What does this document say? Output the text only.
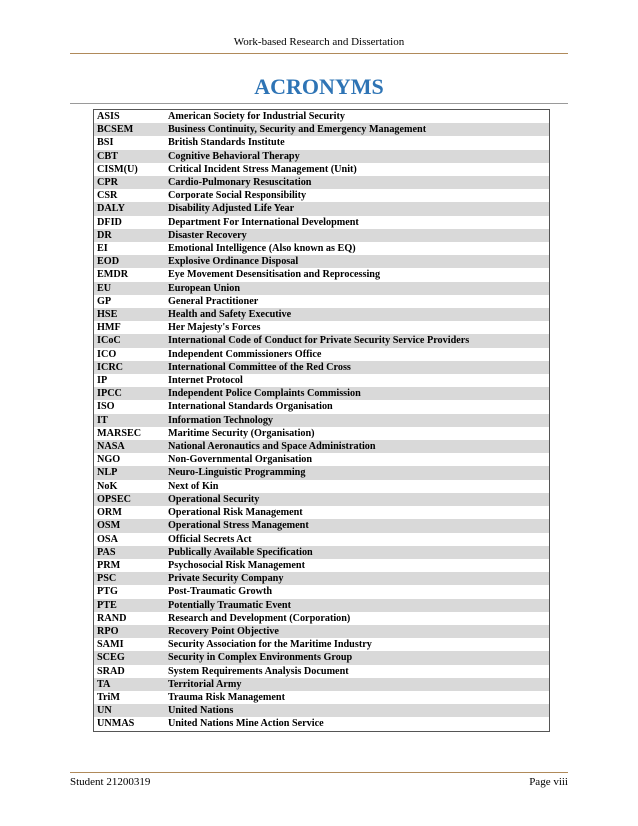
Work-based Research and Dissertation
ACRONYMS
ASIS	American Society for Industrial Security
BCSEM	Business Continuity, Security and Emergency Management
BSI	British Standards Institute
CBT	Cognitive Behavioral Therapy
CISM(U)	Critical Incident Stress Management (Unit)
CPR	Cardio-Pulmonary Resuscitation
CSR	Corporate Social Responsibility
DALY	Disability Adjusted Life Year
DFID	Department For International Development
DR	Disaster Recovery
EI	Emotional Intelligence (Also known as EQ)
EOD	Explosive Ordinance Disposal
EMDR	Eye Movement Desensitisation and Reprocessing
EU	European Union
GP	General Practitioner
HSE	Health and Safety Executive
HMF	Her Majesty's Forces
ICoC	International Code of Conduct for Private Security Service Providers
ICO	Independent Commissioners Office
ICRC	International Committee of the Red Cross
IP	Internet Protocol
IPCC	Independent Police Complaints Commission
ISO	International Standards Organisation
IT	Information Technology
MARSEC	Maritime Security (Organisation)
NASA	National Aeronautics and Space Administration
NGO	Non-Governmental Organisation
NLP	Neuro-Linguistic Programming
NoK	Next of Kin
OPSEC	Operational Security
ORM	Operational Risk Management
OSM	Operational Stress Management
OSA	Official Secrets Act
PAS	Publically Available Specification
PRM	Psychosocial Risk Management
PSC	Private Security Company
PTG	Post-Traumatic Growth
PTE	Potentially Traumatic Event
RAND	Research and Development (Corporation)
RPO	Recovery Point Objective
SAMI	Security Association for the Maritime Industry
SCEG	Security in Complex Environments Group
SRAD	System Requirements Analysis Document
TA	Territorial Army
TriM	Trauma Risk Management
UN	United Nations
UNMAS	United Nations Mine Action Service
Student 21200319	Page viii
